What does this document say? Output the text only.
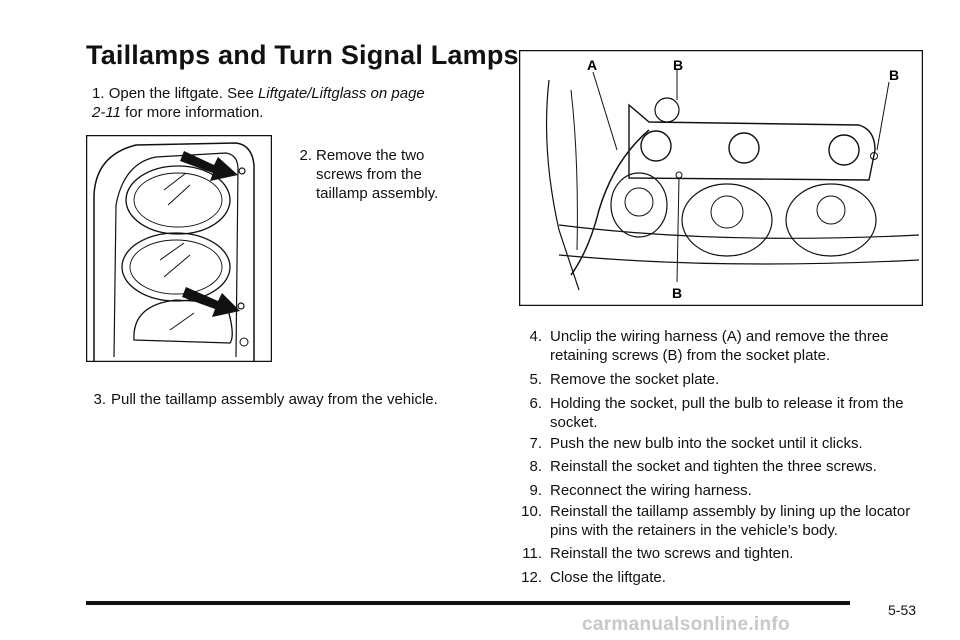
Taillamps and Turn Signal Lamps
1. Open the liftgate. See Liftgate/Liftglass on page 2-11 for more information.
2. Remove the two screws from the taillamp assembly.
3. Pull the taillamp assembly away from the vehicle.
A	B
B
B
4. Unclip the wiring harness (A) and remove the three retaining screws (B) from the socket plate.
5. Remove the socket plate.
6. Holding the socket, pull the bulb to release it from the socket.
7. Push the new bulb into the socket until it clicks.
8. Reinstall the socket and tighten the three screws.
9. Reconnect the wiring harness.
10. Reinstall the taillamp assembly by lining up the locator pins with the retainers in the vehicle’s body.
11. Reinstall the two screws and tighten.
12. Close the liftgate.
5-53
carmanualsonline.info
